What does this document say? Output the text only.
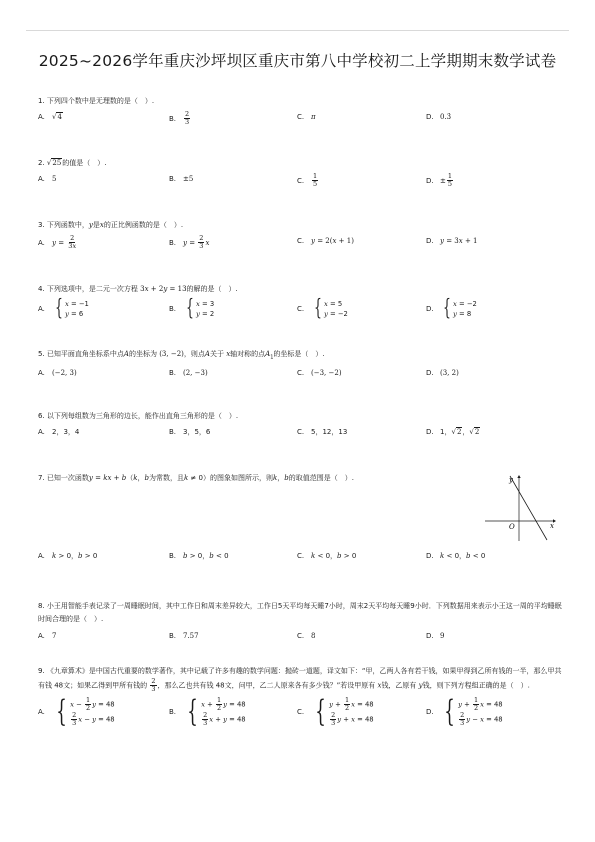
2025~2026学年重庆沙坪坝区重庆市第八中学校初二上学期期末数学试卷
1. 下列四个数中是无理数的是（　）.
A.	√4	B.	$\frac{2}{3}$	C. π	D. 0.3̇
2. √25的值是（　）.
A.	5	B. ±5	C.	$\frac{1}{5}$	D. ± $\frac{1}{5}$
3. 下列函数中，y是x的正比例函数的是（　）.
A.	$y = \frac{2}{3x}$	B. $y = \frac{2}{3}$ x	C. y = 2( x + 1)	D. y = 3 x + 1
4. 下列选项中，是二元一次方程 3x + 2y = 13的解的是（　）.
A. { x = −1
y = 6
B. { x = 3
y = 2
C. { x = 5
y = −2
D. { x = −2
y = 8
5. 已知平面直角坐标系中点A的坐标为 (3, −2)，则点A关于 x轴对称的点$A_1$的坐标是（　）.
A.	(−2, 3)	B. (2, −3)	C. (−3, −2)	D. (3, 2)
6. 以下列每组数为三角形的边长，能作出直角三角形的是（　）.
A.	2，3，4	B. 3，5，6	C. 5，12，13	D. 1，√2，√2
7. 已知一次函数y = kx + b（k，b为常数，且k ≠ 0）的图象如图所示，则k，b的取值范围是（　）.
A.	k > 0，b > 0	B. b > 0，b < 0	C. k < 0，b > 0	D. k < 0，b < 0
x
y
O
8. 小王用智能手表记录了一周睡眠时间，其中工作日和周末差异较大，工作日5天平均每天睡7小时，周末2天平均每天睡9小时．下列数据用来表示小王这一周的平均睡眠时间合理的是（　）.
A.	7	B. 7.57	C. 8	D. 9
9. 《九章算术》是中国古代重要的数学著作，其中记载了许多有趣的数学问题：抛砖一道题，译文如下：“甲，乙两人各有若干钱，如果甲得到乙所有钱的一半，那么甲共有钱 48文；如果乙得到甲所有钱的 $\frac{2}{3}$ ，那么乙也共有钱 48文，问甲，乙二人原来各有多少钱？”若设甲原有 x钱，乙原有 y钱，则下列方程组正确的是（　）.
A. { $x - \frac{1}{2}$ y = 48
$\frac{2}{3}$ x − y = 48
B. { $x + \frac{1}{2}$ y = 48
$\frac{2}{3}$ x + y = 48
C. { $y + \frac{1}{2}$ x = 48
$\frac{2}{3}$ y + x = 48
D. { $y + \frac{1}{2}$ x = 48
$\frac{2}{3}$ y − x = 48
